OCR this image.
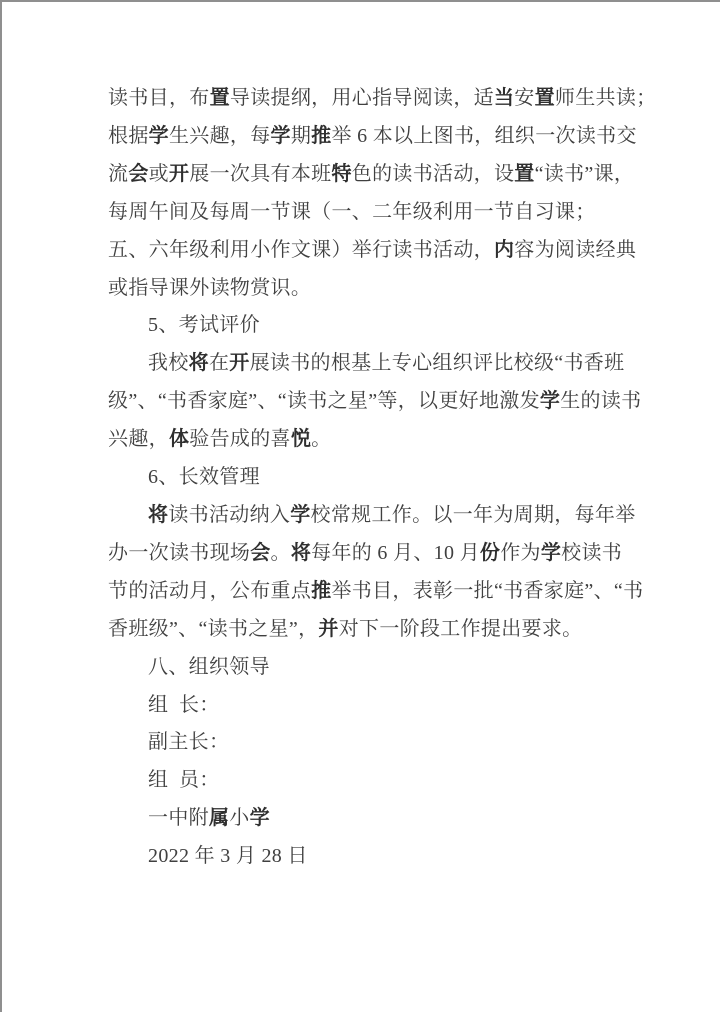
读书目，布置导读提纲，用心指导阅读，适当安置师生共读；

根据学生兴趣，每学期推举 6 本以上图书，组织一次读书交

流会或开展一次具有本班特色的读书活动，设置“读书”课，

每周午间及每周一节课（一、二年级利用一节自习课；

五、六年级利用小作文课）举行读书活动，内容为阅读经典

或指导课外读物赏识。

5、考试评价

我校将在开展读书的根基上专心组织评比校级“书香班

级”、“书香家庭”、“读书之星”等，以更好地激发学生的读书

兴趣，体验告成的喜悦。

6、长效管理

将读书活动纳入学校常规工作。以一年为周期，每年举

办一次读书现场会。将每年的 6 月、10 月份作为学校读书

节的活动月，公布重点推举书目，表彰一批“书香家庭”、“书

香班级”、“读书之星”，并对下一阶段工作提出要求。

八、组织领导

组 长：

副主长：

组 员：

一中附属小学

2022 年 3 月 28 日
